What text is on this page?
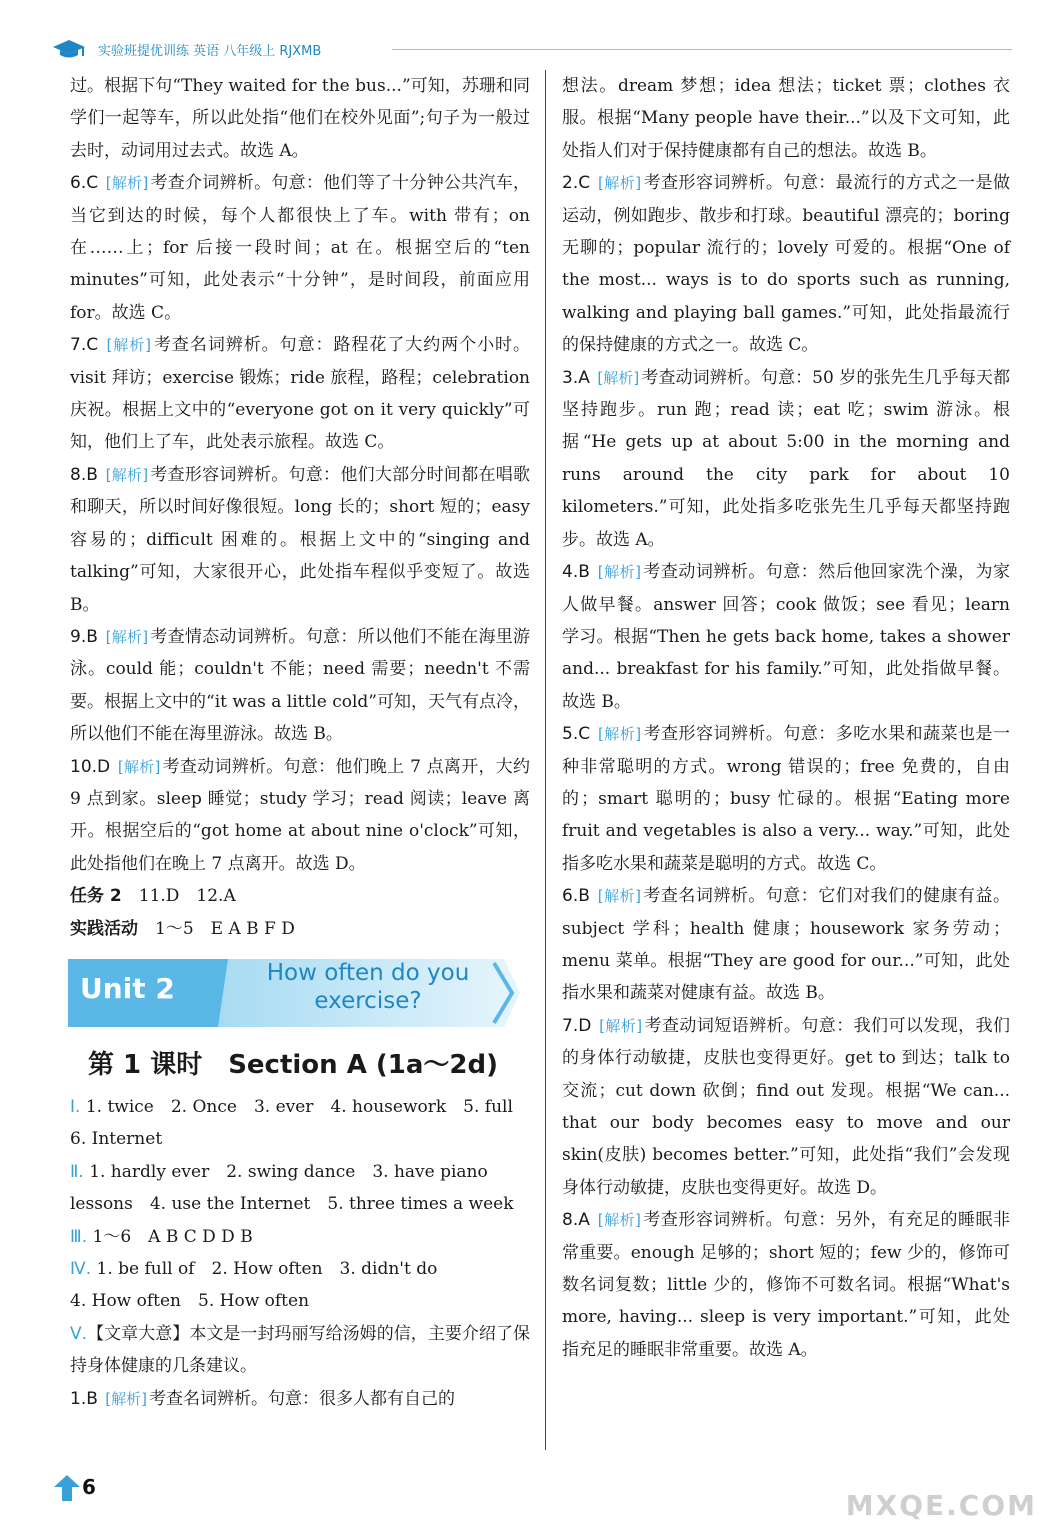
实验班提优训练 英语 八年级上 RJXMB

过。根据下句“They waited for the bus...”可知，苏珊和同学们一起等车，所以此处指“他们在校外见面”;句子为一般过去时，动词用过去式。故选 A。

6.C [解析] 考查介词辨析。句意：他们等了十分钟公共汽车，当它到达的时候，每个人都很快上了车。with 带有；on 在……上；for 后接一段时间；at 在。根据空后的“ten minutes”可知，此处表示“十分钟”，是时间段，前面应用 for。故选 C。

7.C [解析] 考查名词辨析。句意：路程花了大约两个小时。visit 拜访；exercise 锻炼；ride 旅程，路程；celebration 庆祝。根据上文中的“everyone got on it very quickly”可知，他们上了车，此处表示旅程。故选 C。

8.B [解析] 考查形容词辨析。句意：他们大部分时间都在唱歌和聊天，所以时间好像很短。long 长的；short 短的；easy 容易的；difficult 困难的。根据上文中的“singing and talking”可知，大家很开心，此处指车程似乎变短了。故选 B。

9.B [解析] 考查情态动词辨析。句意：所以他们不能在海里游泳。could 能；couldn't 不能；need 需要；needn't 不需要。根据上文中的“it was a little cold”可知，天气有点冷，所以他们不能在海里游泳。故选 B。

10.D [解析] 考查动词辨析。句意：他们晚上 7 点离开，大约 9 点到家。sleep 睡觉；study 学习；read 阅读；leave 离开。根据空后的“got home at about nine o'clock”可知，此处指他们在晚上 7 点离开。故选 D。

任务 2　 11.D　12.A

实践活动　 1～5　E A B F D

Unit 2	How often do you
exercise?
第 1 课时　Section A (1a～2d)

Ⅰ. 1. twice　2. Once　3. ever　4. housework　5. full
6. Internet

Ⅱ. 1. hardly ever　2. swing dance　3. have piano
lessons　4. use the Internet　5. three times a week

Ⅲ. 1～6　A B C D D B

Ⅳ. 1. be full of　2. How often　3. didn't do
4. How often　5. How often

Ⅴ.【文章大意】本文是一封玛丽写给汤姆的信，主要介绍了保持身体健康的几条建议。

1.B [解析] 考查名词辨析。句意：很多人都有自己的

想法。dream 梦想；idea 想法；ticket 票；clothes 衣服。根据“Many people have their...”以及下文可知，此处指人们对于保持健康都有自己的想法。故选 B。

2.C [解析] 考查形容词辨析。句意：最流行的方式之一是做运动，例如跑步、散步和打球。beautiful 漂亮的；boring 无聊的；popular 流行的；lovely 可爱的。根据“One of the most... ways is to do sports such as running, walking and playing ball games.”可知，此处指最流行的保持健康的方式之一。故选 C。

3.A [解析] 考查动词辨析。句意：50 岁的张先生几乎每天都坚持跑步。run 跑；read 读；eat 吃；swim 游泳。根据“He gets up at about 5:00 in the morning and runs around the city park for about 10 kilometers.”可知，此处指多吃张先生几乎每天都坚持跑步。故选 A。

4.B [解析] 考查动词辨析。句意：然后他回家洗个澡，为家人做早餐。answer 回答；cook 做饭；see 看见；learn 学习。根据“Then he gets back home, takes a shower and... breakfast for his family.”可知，此处指做早餐。故选 B。

5.C [解析] 考查形容词辨析。句意：多吃水果和蔬菜也是一种非常聪明的方式。wrong 错误的；free 免费的，自由的；smart 聪明的；busy 忙碌的。根据“Eating more fruit and vegetables is also a very... way.”可知，此处指多吃水果和蔬菜是聪明的方式。故选 C。

6.B [解析] 考查名词辨析。句意：它们对我们的健康有益。subject 学科；health 健康；housework 家务劳动；menu 菜单。根据“They are good for our...”可知，此处指水果和蔬菜对健康有益。故选 B。

7.D [解析] 考查动词短语辨析。句意：我们可以发现，我们的身体行动敏捷，皮肤也变得更好。get to 到达；talk to 交流；cut down 砍倒；find out 发现。根据“We can... that our body becomes easy to move and our skin(皮肤) becomes better.”可知，此处指“我们”会发现身体行动敏捷，皮肤也变得更好。故选 D。

8.A [解析] 考查形容词辨析。句意：另外，有充足的睡眠非常重要。enough 足够的；short 短的；few 少的，修饰可数名词复数；little 少的，修饰不可数名词。根据“What's more, having... sleep is very important.”可知，此处指充足的睡眠非常重要。故选 A。

6
MXQE.COM
